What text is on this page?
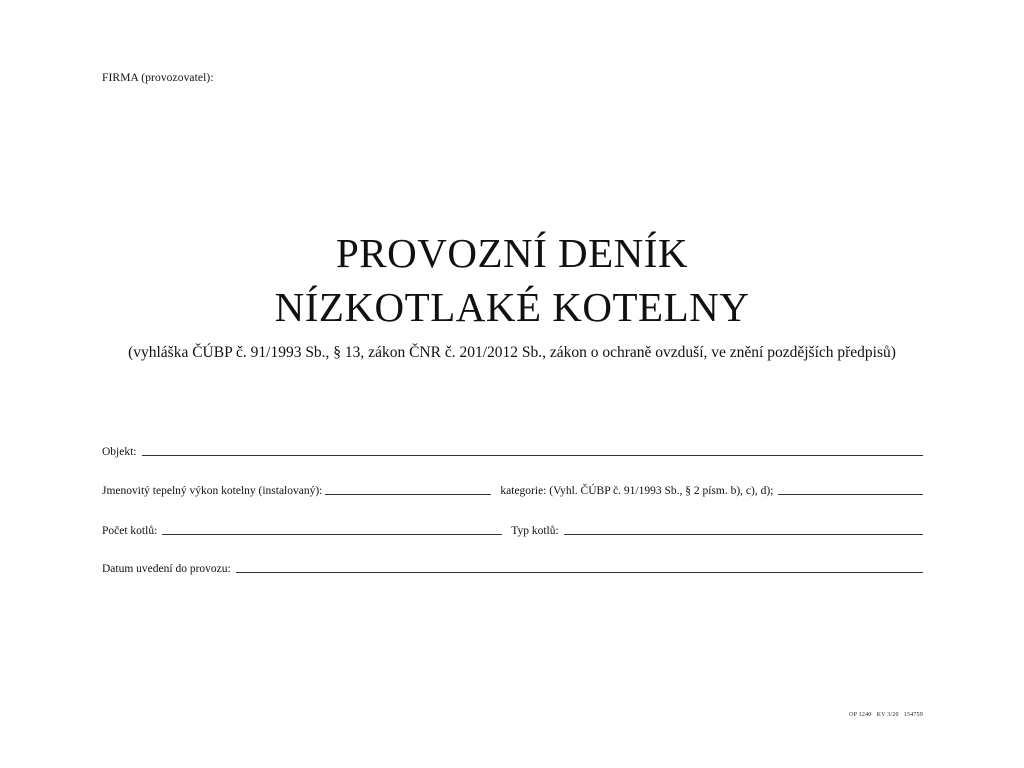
FIRMA (provozovatel):
PROVOZNÍ DENÍK
NÍZKOTLAKÉ KOTELNY
(vyhláška ČÚBP č. 91/1993 Sb., § 13, zákon ČNR č. 201/2012 Sb., zákon o ochraně ovzduší, ve znění pozdějších předpisů)
Objekt:
Jmenovitý tepelný výkon kotelny (instalovaný):	kategorie: (Vyhl. ČÚBP č. 91/1993 Sb., § 2 písm. b), c), d);
Počet kotlů:	Typ kotlů:
Datum uvedení do provozu:
OP 1240   KV 3/20   154759
